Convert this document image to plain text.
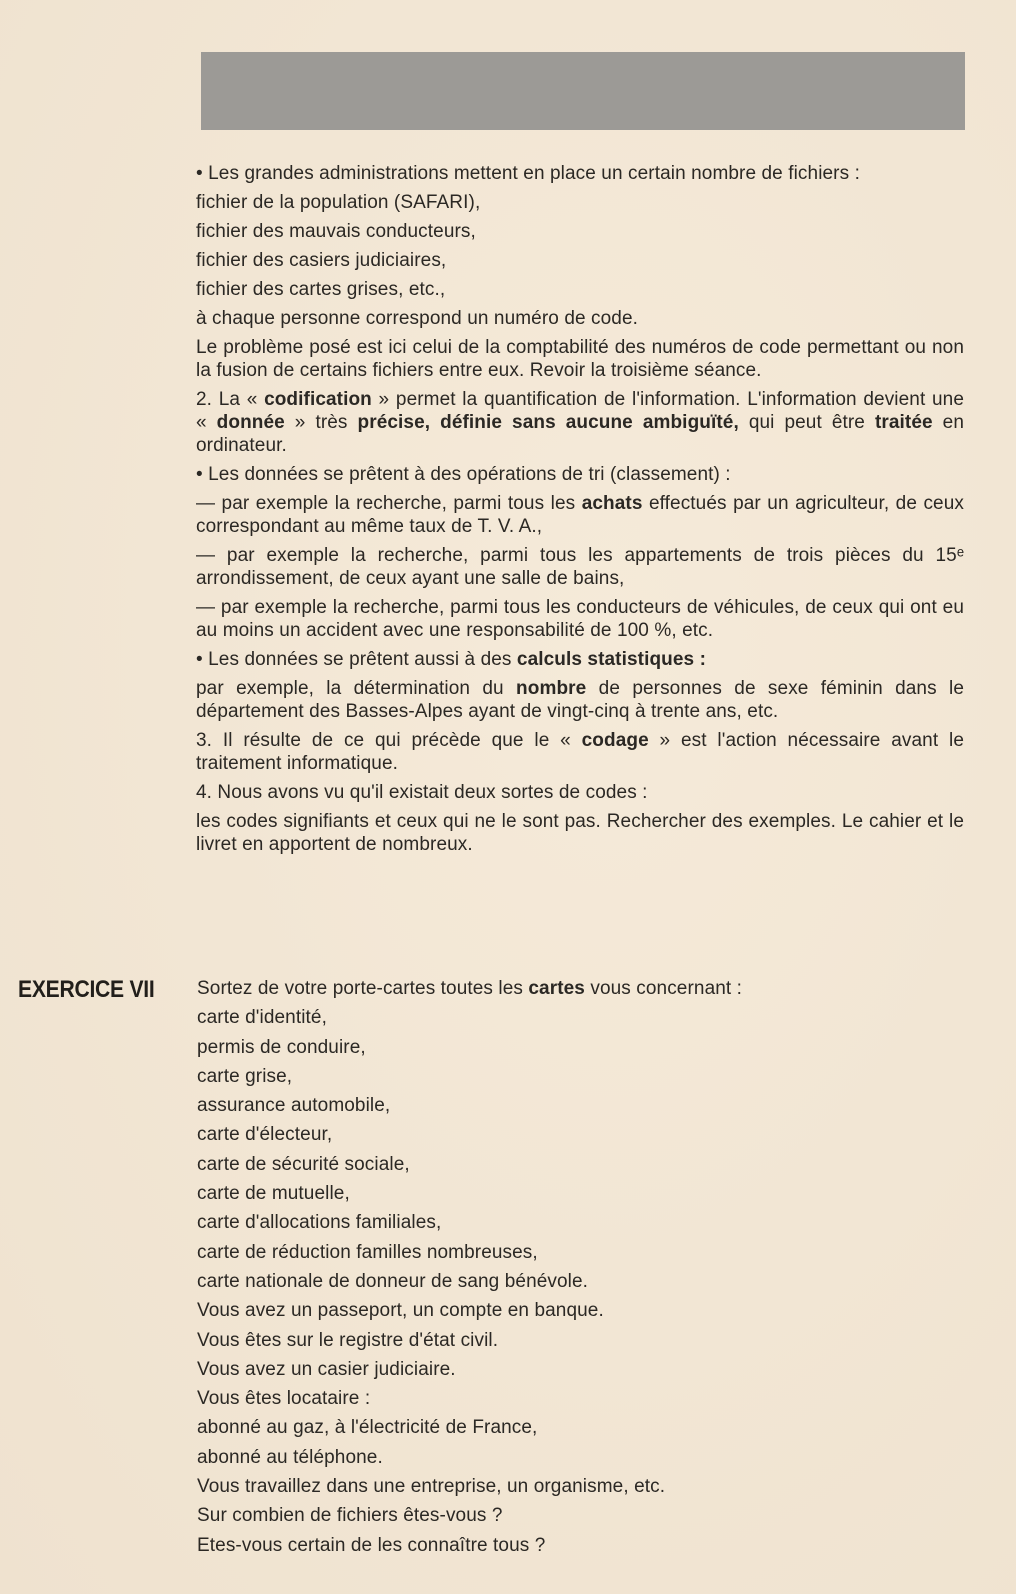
• Les grandes administrations mettent en place un certain nombre de fichiers :

fichier de la population (SAFARI),

fichier des mauvais conducteurs,

fichier des casiers judiciaires,

fichier des cartes grises, etc.,

à chaque personne correspond un numéro de code.

Le problème posé est ici celui de la comptabilité des numéros de code permettant ou non la fusion de certains fichiers entre eux. Revoir la troisième séance.

2. La « codification » permet la quantification de l'information. L'information devient une « donnée » très précise, définie sans aucune ambiguïté, qui peut être traitée en ordinateur.

• Les données se prêtent à des opérations de tri (classement) :

— par exemple la recherche, parmi tous les achats effectués par un agriculteur, de ceux correspondant au même taux de T. V. A.,

— par exemple la recherche, parmi tous les appartements de trois pièces du 15ᵉ arrondissement, de ceux ayant une salle de bains,

— par exemple la recherche, parmi tous les conducteurs de véhicules, de ceux qui ont eu au moins un accident avec une responsabilité de 100 %, etc.

• Les données se prêtent aussi à des calculs statistiques :

par exemple, la détermination du nombre de personnes de sexe féminin dans le département des Basses-Alpes ayant de vingt-cinq à trente ans, etc.

3. Il résulte de ce qui précède que le « codage » est l'action nécessaire avant le traitement informatique.

4. Nous avons vu qu'il existait deux sortes de codes :

les codes signifiants et ceux qui ne le sont pas. Rechercher des exemples. Le cahier et le livret en apportent de nombreux.

EXERCICE VII Sortez de votre porte-cartes toutes les cartes vous concernant :

carte d'identité,

permis de conduire,

carte grise,

assurance automobile,

carte d'électeur,

carte de sécurité sociale,

carte de mutuelle,

carte d'allocations familiales,

carte de réduction familles nombreuses,

carte nationale de donneur de sang bénévole.

Vous avez un passeport, un compte en banque.

Vous êtes sur le registre d'état civil.

Vous avez un casier judiciaire.

Vous êtes locataire :

abonné au gaz, à l'électricité de France,

abonné au téléphone.

Vous travaillez dans une entreprise, un organisme, etc.

Sur combien de fichiers êtes-vous ?

Etes-vous certain de les connaître tous ?
